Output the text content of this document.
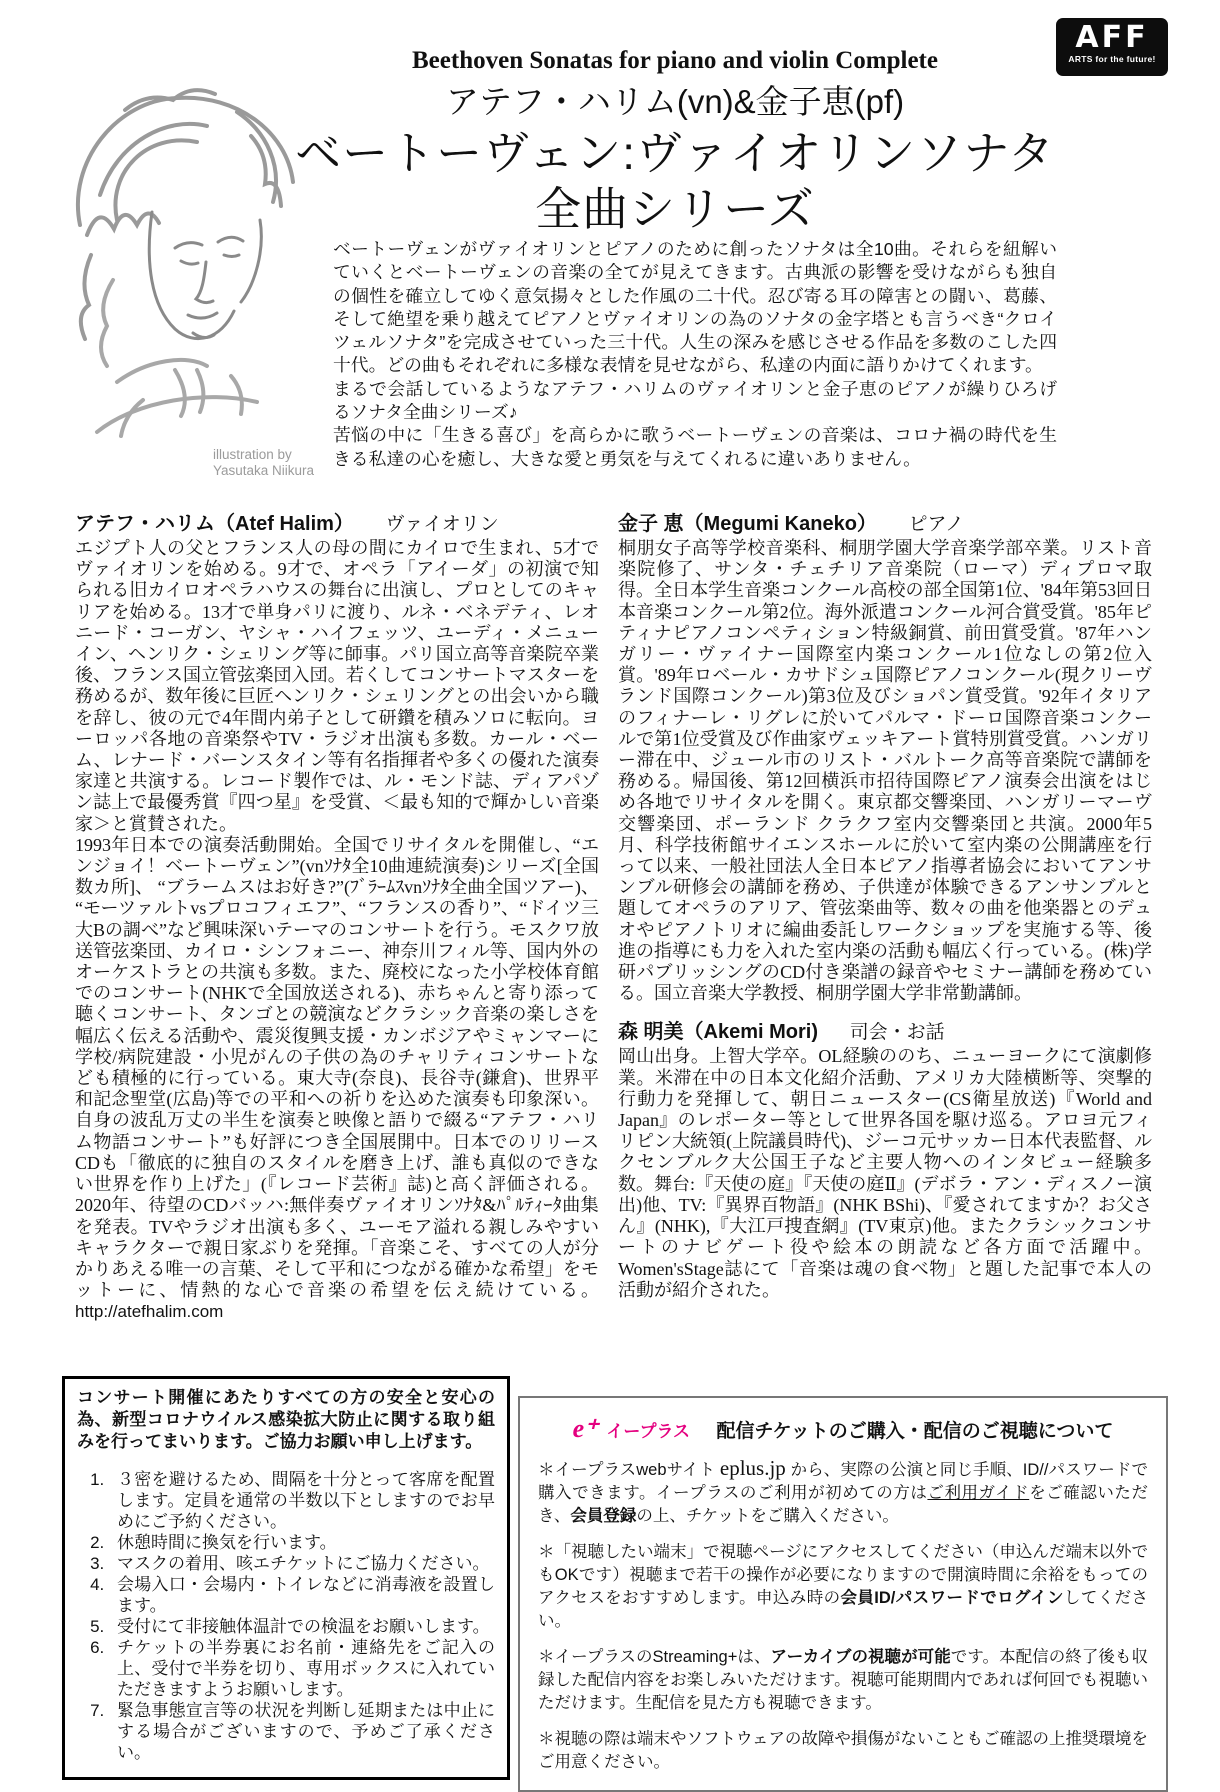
AFF
ARTS for the future!
Beethoven Sonatas for piano and violin Complete
アテフ・ハリム(vn)&金子恵(pf)
ベートーヴェン:ヴァイオリンソナタ
全曲シリーズ
illustration by
Yasutaka Niikura

ベートーヴェンがヴァイオリンとピアノのために創ったソナタは全10曲。それらを紐解いていくとベートーヴェンの音楽の全てが見えてきます。古典派の影響を受けながらも独自の個性を確立してゆく意気揚々とした作風の二十代。忍び寄る耳の障害との闘い、葛藤、そして絶望を乗り越えてピアノとヴァイオリンの為のソナタの金字塔とも言うべき“クロイツェルソナタ”を完成させていった三十代。人生の深みを感じさせる作品を多数のこした四十代。どの曲もそれぞれに多様な表情を見せながら、私達の内面に語りかけてくれます。

まるで会話しているようなアテフ・ハリムのヴァイオリンと金子恵のピアノが繰りひろげるソナタ全曲シリーズ♪

苦悩の中に「生きる喜び」を高らかに歌うベートーヴェンの音楽は、コロナ禍の時代を生きる私達の心を癒し、大きな愛と勇気を与えてくれるに違いありません。

アテフ・ハリム（Atef Halim） ヴァイオリン

エジプト人の父とフランス人の母の間にカイロで生まれ、5才でヴァイオリンを始める。9才で、オペラ「アイーダ」の初演で知られる旧カイロオペラハウスの舞台に出演し、プロとしてのキャリアを始める。13才で単身パリに渡り、ルネ・ベネデティ、レオニード・コーガン、ヤシャ・ハイフェッツ、ユーディ・メニューイン、ヘンリク・シェリング等に師事。パリ国立高等音楽院卒業後、フランス国立管弦楽団入団。若くしてコンサートマスターを務めるが、数年後に巨匠ヘンリク・シェリングとの出会いから職を辞し、彼の元で4年間内弟子として研鑽を積みソロに転向。ヨーロッパ各地の音楽祭やTV・ラジオ出演も多数。カール・ベーム、レナード・バーンスタイン等有名指揮者や多くの優れた演奏家達と共演する。レコード製作では、ル・モンド誌、ディアパゾン誌上で最優秀賞『四つ星』を受賞、＜最も知的で輝かしい音楽家＞と賞賛された。

1993年日本での演奏活動開始。全国でリサイタルを開催し、“エンジョイ！ベートーヴェン”(vnｿﾅﾀ全10曲連続演奏)シリーズ[全国数カ所]、 “ブラームスはお好き?”(ﾌﾞﾗｰﾑｽvnｿﾅﾀ全曲全国ツアー)、 “モーツァルトvsプロコフィエフ”、“フランスの香り”、“ドイツ三大Bの調べ”など興味深いテーマのコンサートを行う。モスクワ放送管弦楽団、カイロ・シンフォニー、神奈川フィル等、国内外のオーケストラとの共演も多数。また、廃校になった小学校体育館でのコンサート(NHKで全国放送される)、赤ちゃんと寄り添って聴くコンサート、タンゴとの競演などクラシック音楽の楽しさを幅広く伝える活動や、震災復興支援・カンボジアやミャンマーに学校/病院建設・小児がんの子供の為のチャリティコンサートなども積極的に行っている。東大寺(奈良)、長谷寺(鎌倉)、世界平和記念聖堂(広島)等での平和への祈りを込めた演奏も印象深い。自身の波乱万丈の半生を演奏と映像と語りで綴る“アテフ・ハリム物語コンサート”も好評につき全国展開中。日本でのリリースCDも「徹底的に独自のスタイルを磨き上げ、誰も真似のできない世界を作り上げた」(『レコード芸術』誌)と高く評価される。2020年、待望のCDバッハ:無伴奏ヴァイオリンｿﾅﾀ&ﾊﾟﾙﾃｨｰﾀ曲集を発表。TVやラジオ出演も多く、ユーモア溢れる親しみやすいキャラクターで親日家ぶりを発揮。「音楽こそ、すべての人が分かりあえる唯一の言葉、そして平和につながる確かな希望」をモットーに、情熱的な心で音楽の希望を伝え続けている。 http://atefhalim.com

金子 恵（Megumi Kaneko） ピアノ

桐朋女子高等学校音楽科、桐朋学園大学音楽学部卒業。リスト音楽院修了、サンタ・チェチリア音楽院（ローマ）ディプロマ取得。全日本学生音楽コンクール高校の部全国第1位、'84年第53回日本音楽コンクール第2位。海外派遣コンクール河合賞受賞。'85年ピティナピアノコンペティション特級銅賞、前田賞受賞。'87年ハンガリー・ヴァイナー国際室内楽コンクール1位なしの第2位入賞。'89年ロベール・カサドシュ国際ピアノコンクール(現クリーヴランド国際コンクール)第3位及びショパン賞受賞。'92年イタリアのフィナーレ・リグレに於いてパルマ・ドーロ国際音楽コンクールで第1位受賞及び作曲家ヴェッキアート賞特別賞受賞。ハンガリー滞在中、ジュール市のリスト・バルトーク高等音楽院で講師を務める。帰国後、第12回横浜市招待国際ピアノ演奏会出演をはじめ各地でリサイタルを開く。東京都交響楽団、ハンガリーマーヴ交響楽団、ポーランド クラクフ室内交響楽団と共演。2000年5月、科学技術館サイエンスホールに於いて室内楽の公開講座を行って以来、一般社団法人全日本ピアノ指導者協会においてアンサンブル研修会の講師を務め、子供達が体験できるアンサンブルと題してオペラのアリア、管弦楽曲等、数々の曲を他楽器とのデュオやピアノトリオに編曲委託しワークショップを実施する等、後進の指導にも力を入れた室内楽の活動も幅広く行っている。(株)学研パブリッシングのCD付き楽譜の録音やセミナー講師を務めている。国立音楽大学教授、桐朋学園大学非常勤講師。

森 明美（Akemi Mori) 司会・お話

岡山出身。上智大学卒。OL経験ののち、ニューヨークにて演劇修業。米滞在中の日本文化紹介活動、アメリカ大陸横断等、突撃的行動力を発揮して、朝日ニュースター(CS衛星放送)『World and Japan』のレポーター等として世界各国を駆け巡る。アロヨ元フィリピン大統領(上院議員時代)、ジーコ元サッカー日本代表監督、ルクセンブルク大公国王子など主要人物へのインタビュー経験多数。舞台:『天使の庭』『天使の庭Ⅱ』(デボラ・アン・ディスノー演出)他、TV:『異界百物語』(NHK BShi)、『愛されてますか？お父さん』(NHK),『大江戸捜査網』(TV東京)他。またクラシックコンサートのナビゲート役や絵本の朗読など各方面で活躍中。Women'sStage誌にて「音楽は魂の食べ物」と題した記事で本人の活動が紹介された。

コンサート開催にあたりすべての方の安全と安心の為、新型コロナウイルス感染拡大防止に関する取り組みを行ってまいります。ご協力お願い申し上げます。
1. ３密を避けるため、間隔を十分とって客席を配置します。定員を通常の半数以下としますのでお早めにご予約ください。
2. 休憩時間に換気を行います。
3. マスクの着用、咳エチケットにご協力ください。
4. 会場入口・会場内・トイレなどに消毒液を設置します。
5. 受付にて非接触体温計での検温をお願いします。
6. チケットの半券裏にお名前・連絡先をご記入の上、受付で半券を切り、専用ボックスに入れていただきますようお願いします。
7. 緊急事態宣言等の状況を判断し延期または中止にする場合がございますので、予めご了承ください。
e⁺ イープラス 配信チケットのご購入・配信のご視聴について

＊イープラスwebサイト eplus.jp から、実際の公演と同じ手順、ID//パスワードで購入できます。イープラスのご利用が初めての方はご利用ガイドをご確認いただき、会員登録の上、チケットをご購入ください。

＊「視聴したい端末」で視聴ページにアクセスしてください（申込んだ端末以外でもOKです）視聴まで若干の操作が必要になりますので開演時間に余裕をもってのアクセスをおすすめします。申込み時の会員ID/パスワードでログインしてください。

＊イープラスのStreaming+は、アーカイブの視聴が可能です。本配信の終了後も収録した配信内容をお楽しみいただけます。視聴可能期間内であれば何回でも視聴いただけます。生配信を見た方も視聴できます。

＊視聴の際は端末やソフトウェアの故障や損傷がないこともご確認の上推奨環境をご用意ください。
